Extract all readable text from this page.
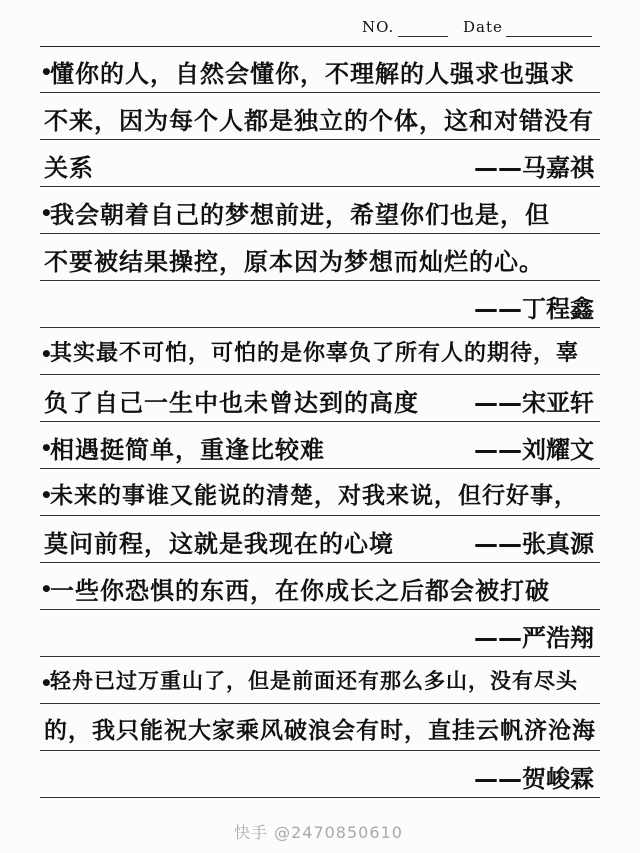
NO.	Date
•
懂你的人，自然会懂你，不理解的人强求也强求
不来，因为每个人都是独立的个体，这和对错没有
关系	——马嘉祺
•
我会朝着自己的梦想前进，希望你们也是，但
不要被结果操控，原本因为梦想而灿烂的心。
——丁程鑫
•
其实最不可怕，可怕的是你辜负了所有人的期待，辜
负了自己一生中也未曾达到的高度 ——宋亚轩
•
相遇挺简单，重逢比较难	——刘耀文
•
未来的事谁又能说的清楚，对我来说，但行好事，
莫问前程，这就是我现在的心境	——张真源
•
一些你恐惧的东西，在你成长之后都会被打破
——严浩翔
•
轻舟已过万重山了，但是前面还有那么多山，没有尽头
的，我只能祝大家乘风破浪会有时，直挂云帆济沧海
——贺峻霖
快手 @2470850610
